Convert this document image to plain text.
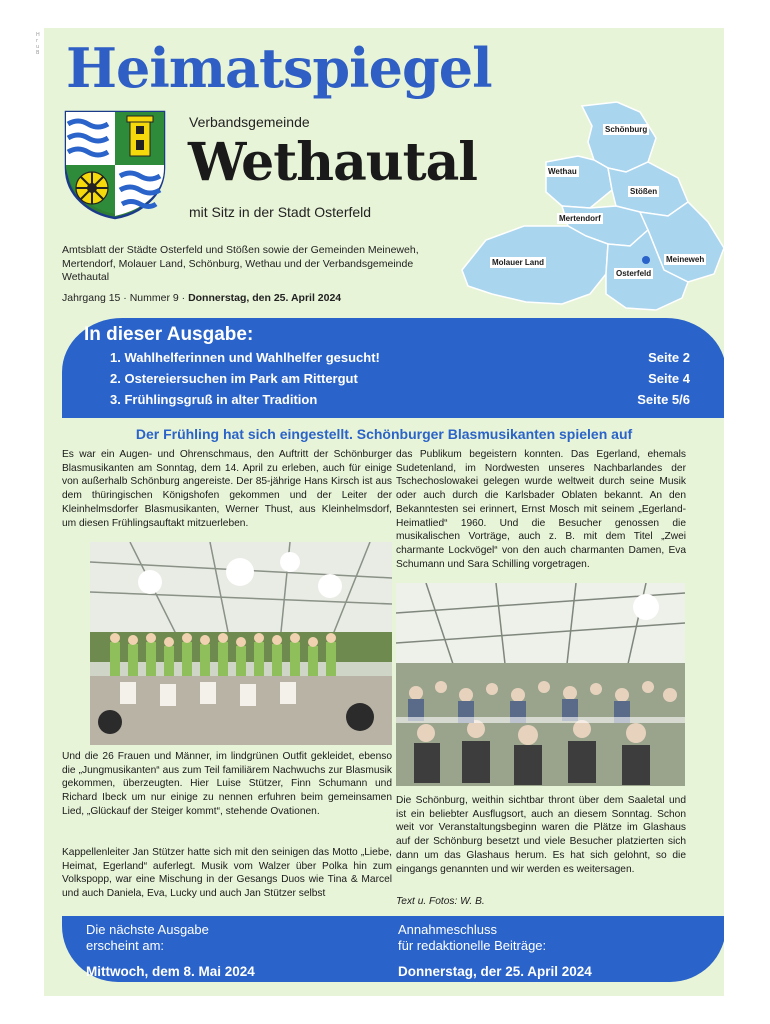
H r u B Heimatspiegel
Verbandsgemeinde
Wethautal
mit Sitz in der Stadt Osterfeld
Schönburg
Wethau
Stößen
Mertendorf
Molauer Land	Meineweh
Osterfeld
Amtsblatt der Städte Osterfeld und Stößen sowie der Gemeinden Meineweh, Mertendorf, Molauer Land, Schönburg, Wethau und der Verbandsgemeinde Wethautal
Jahrgang 15 · Nummer 9 · Donnerstag, den 25. April 2024
In dieser Ausgabe:
1. Wahlhelferinnen und Wahlhelfer gesucht!	Seite 2
2. Ostereiersuchen im Park am Rittergut	Seite 4
3. Frühlingsgruß in alter Tradition	Seite 5/6
Der Frühling hat sich eingestellt. Schönburger Blasmusikanten spielen auf
Es war ein Augen- und Ohrenschmaus, den Auftritt der Schönburger Blasmusikanten am Sonntag, dem 14. April zu erleben, auch für einige von außerhalb Schönburg angereiste. Der 85-jährige Hans Kirsch ist aus dem thüringischen Königshofen gekommen und der Leiter der Kleinhelmsdorfer Blasmusikanten, Werner Thust, aus Kleinhelmsdorf, um diesen Frühlingsauftakt mitzuerleben.
Und die 26 Frauen und Männer, im lindgrünen Outfit gekleidet, ebenso die „Jungmusikanten“ aus zum Teil familiärem Nachwuchs zur Blasmusik gekommen, überzeugten. Hier Luise Stützer, Finn Schumann und Richard Ibeck um nur einige zu nennen erfuhren beim gemeinsamen Lied, „Glückauf der Steiger kommt“, stehende Ovationen.
Kappellenleiter Jan Stützer hatte sich mit den seinigen das Motto „Liebe, Heimat, Egerland“ auferlegt. Musik vom Walzer über Polka hin zum Volkspopp, war eine Mischung in der Gesangs Duos wie Tina & Marcel und auch Daniela, Eva, Lucky und auch Jan Stützer selbst
das Publikum begeistern konnten. Das Egerland, ehemals Sudetenland, im Nordwesten unseres Nachbarlandes der Tschechoslowakei gelegen wurde weltweit durch seine Musik oder auch durch die Karlsbader Oblaten bekannt. An den Bekanntesten sei erinnert, Ernst Mosch mit seinem „Egerland-Heimatlied“ 1960. Und die Besucher genossen die musikalischen Vorträge, auch z. B. mit dem Titel „Zwei charmante Lockvögel“ von den auch charmanten Damen, Eva Schumann und Sara Schilling vorgetragen.
Die Schönburg, weithin sichtbar thront über dem Saaletal und ist ein beliebter Ausflugsort, auch an diesem Sonntag. Schon weit vor Veranstaltungsbeginn waren die Plätze im Glashaus auf der Schönburg besetzt und viele Besucher platzierten sich dann um das Glashaus herum. Es hat sich gelohnt, so die eingangs genannten und wir werden es weitersagen.
Text u. Fotos: W. B.
Die nächste Ausgabe
erscheint am:
Mittwoch, dem 8. Mai 2024
Annahmeschluss
für redaktionelle Beiträge:
Donnerstag, der 25. April 2024
